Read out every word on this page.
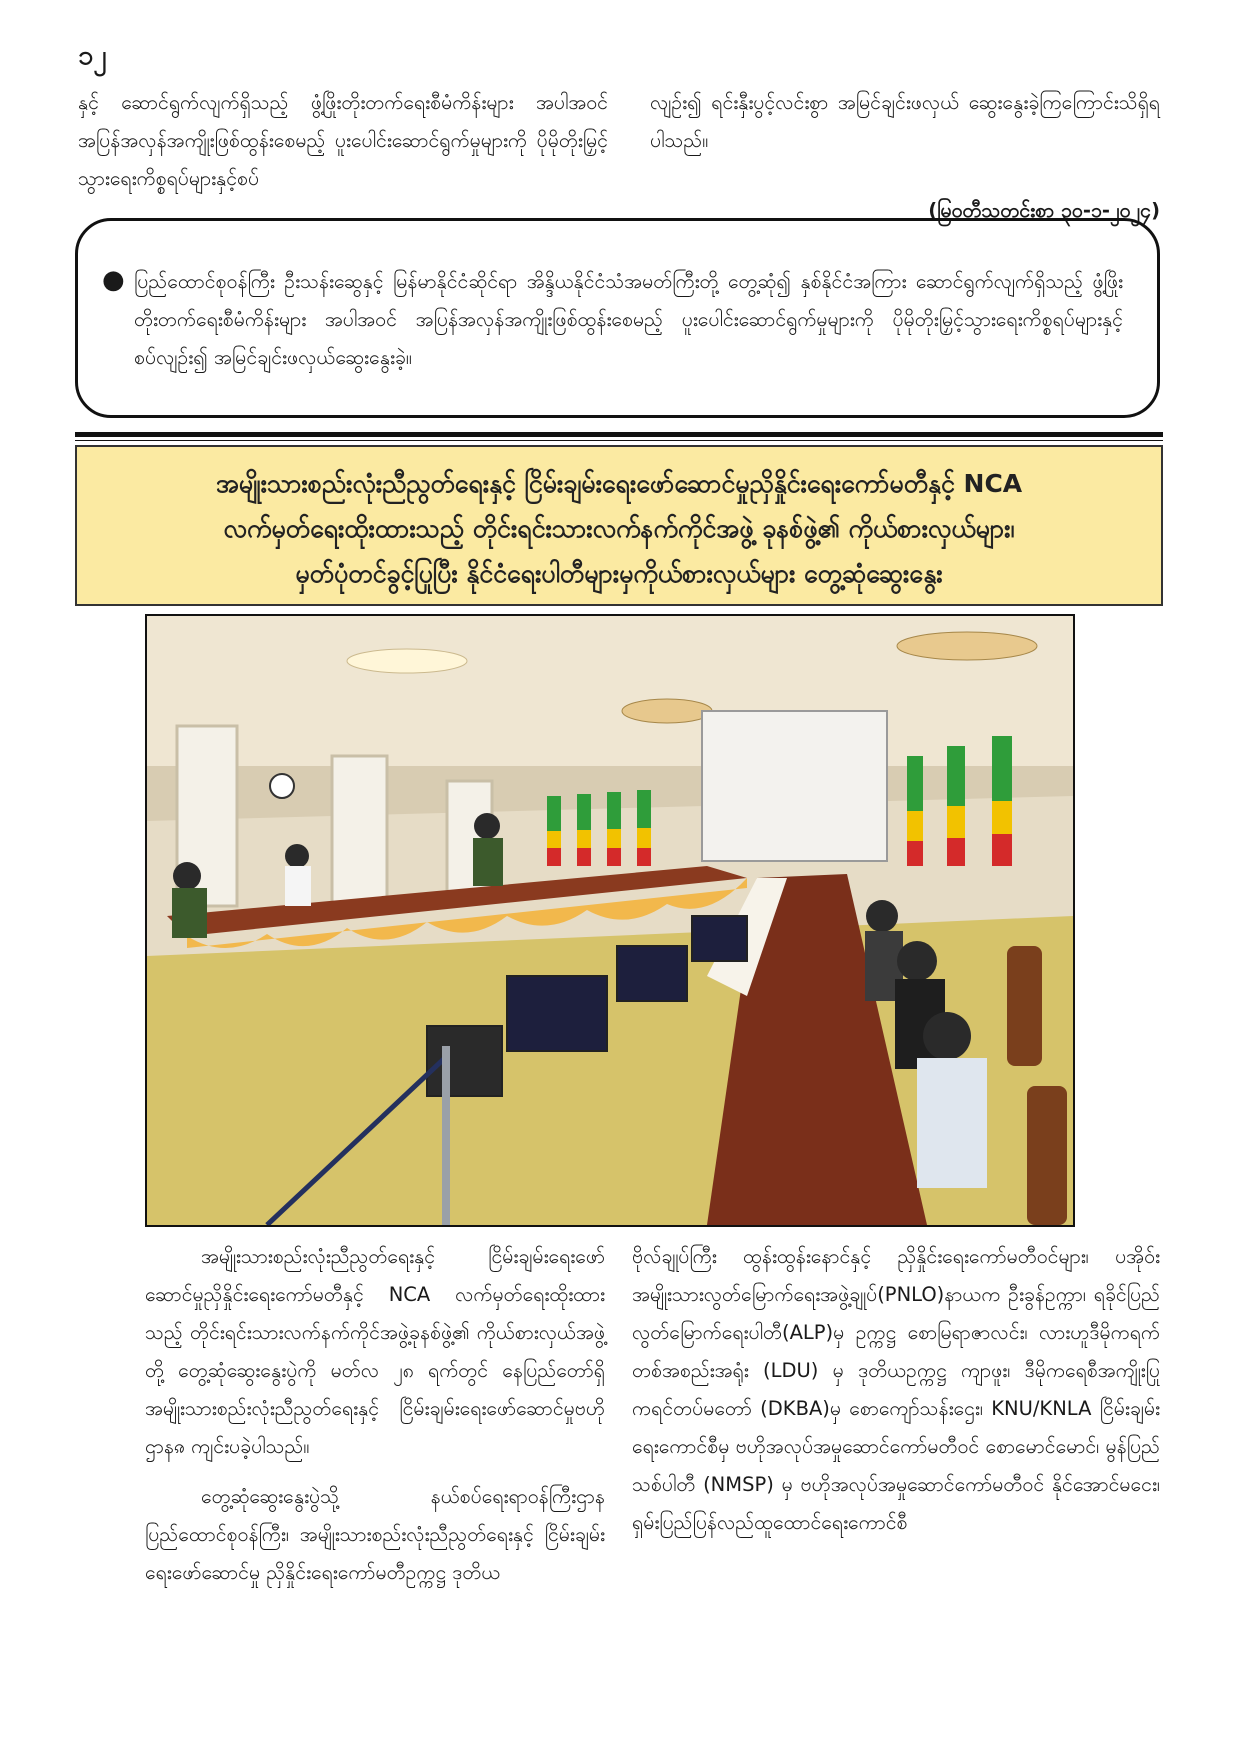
၁၂

နှင့် ဆောင်ရွက်လျက်ရှိသည့် ဖွံ့ဖြိုးတိုးတက်ရေးစီမံကိန်းများ အပါအဝင် အပြန်အလှန်အကျိုးဖြစ်ထွန်းစေမည့် ပူးပေါင်းဆောင်ရွက်မှုများကို ပိုမိုတိုးမြှင့်သွားရေးကိစ္စရပ်များနှင့်စပ်

လျဉ်း၍ ရင်းနှီးပွင့်လင်းစွာ အမြင်ချင်းဖလှယ် ဆွေးနွေးခဲ့ကြကြောင်းသိရှိရပါသည်။

(မြဝတီသတင်းစာ ၃၀-၁-၂၀၂၄)

● ပြည်ထောင်စုဝန်ကြီး ဦးသန်းဆွေနှင့် မြန်မာနိုင်ငံဆိုင်ရာ အိန္ဒိယနိုင်ငံသံအမတ်ကြီးတို့ တွေ့ဆုံ၍ နှစ်နိုင်ငံအကြား ဆောင်ရွက်လျက်ရှိသည့် ဖွံ့ဖြိုးတိုးတက်ရေးစီမံကိန်းများ အပါအဝင် အပြန်အလှန်အကျိုးဖြစ်ထွန်းစေမည့် ပူးပေါင်းဆောင်ရွက်မှုများကို ပိုမိုတိုးမြှင့်သွားရေးကိစ္စရပ်များနှင့်စပ်လျဉ်း၍ အမြင်ချင်းဖလှယ်ဆွေးနွေးခဲ့။

အမျိုးသားစည်းလုံးညီညွတ်ရေးနှင့် ငြိမ်းချမ်းရေးဖော်ဆောင်မှုညှိနှိုင်းရေးကော်မတီနှင့် NCA
လက်မှတ်ရေးထိုးထားသည့် တိုင်းရင်းသားလက်နက်ကိုင်အဖွဲ့ ခုနစ်ဖွဲ့၏ ကိုယ်စားလှယ်များ၊
မှတ်ပုံတင်ခွင့်ပြုပြီး နိုင်ငံရေးပါတီများမှကိုယ်စားလှယ်များ တွေ့ဆုံဆွေးနွေး

အမျိုးသားစည်းလုံးညီညွတ်ရေးနှင့် ငြိမ်းချမ်းရေးဖော်ဆောင်မှုညှိနှိုင်းရေးကော်မတီနှင့် NCA လက်မှတ်ရေးထိုးထားသည့် တိုင်းရင်းသားလက်နက်ကိုင်အဖွဲ့ခုနစ်ဖွဲ့၏ ကိုယ်စားလှယ်အဖွဲ့တို့ တွေ့ဆုံဆွေးနွေးပွဲကို မတ်လ ၂၈ ရက်တွင် နေပြည်တော်ရှိ အမျိုးသားစည်းလုံးညီညွတ်ရေးနှင့် ငြိမ်းချမ်းရေးဖော်ဆောင်မှုဗဟိုဌာနၷ ကျင်းပခဲ့ပါသည်။

တွေ့ဆုံဆွေးနွေးပွဲသို့ နယ်စပ်ရေးရာဝန်ကြီးဌာန ပြည်ထောင်စုဝန်ကြီး၊ အမျိုးသားစည်းလုံးညီညွတ်ရေးနှင့် ငြိမ်းချမ်းရေးဖော်ဆောင်မှု ညှိနှိုင်းရေးကော်မတီဥက္ကဋ္ဌ ဒုတိယ

ဗိုလ်ချုပ်ကြီး ထွန်းထွန်းနောင်နှင့် ညှိနှိုင်းရေးကော်မတီဝင်များ၊ ပအိုဝ်းအမျိုးသားလွတ်မြောက်ရေးအဖွဲ့ချုပ်(PNLO)နာယက ဦးခွန်ဥက္ကာ၊ ရခိုင်ပြည်လွတ်မြောက်ရေးပါတီ(ALP)မှ ဥက္ကဋ္ဌ စောမြရာဇာလင်း၊ လားဟူဒီမိုကရက်တစ်အစည်းအရုံး (LDU) မှ ဒုတိယဥက္ကဋ္ဌ ကျာဖူး၊ ဒီမိုကရေစီအကျိုးပြုကရင်တပ်မတော် (DKBA)မှ စောကျော်သန်းဌေး၊ KNU/KNLA ငြိမ်းချမ်းရေးကောင်စီမှ ဗဟိုအလုပ်အမှုဆောင်ကော်မတီဝင် စောမောင်မောင်၊ မွန်ပြည်သစ်ပါတီ (NMSP) မှ ဗဟိုအလုပ်အမှုဆောင်ကော်မတီဝင် နိုင်အောင်မငေး၊ ရှမ်းပြည်ပြန်လည်ထူထောင်ရေးကောင်စီ
